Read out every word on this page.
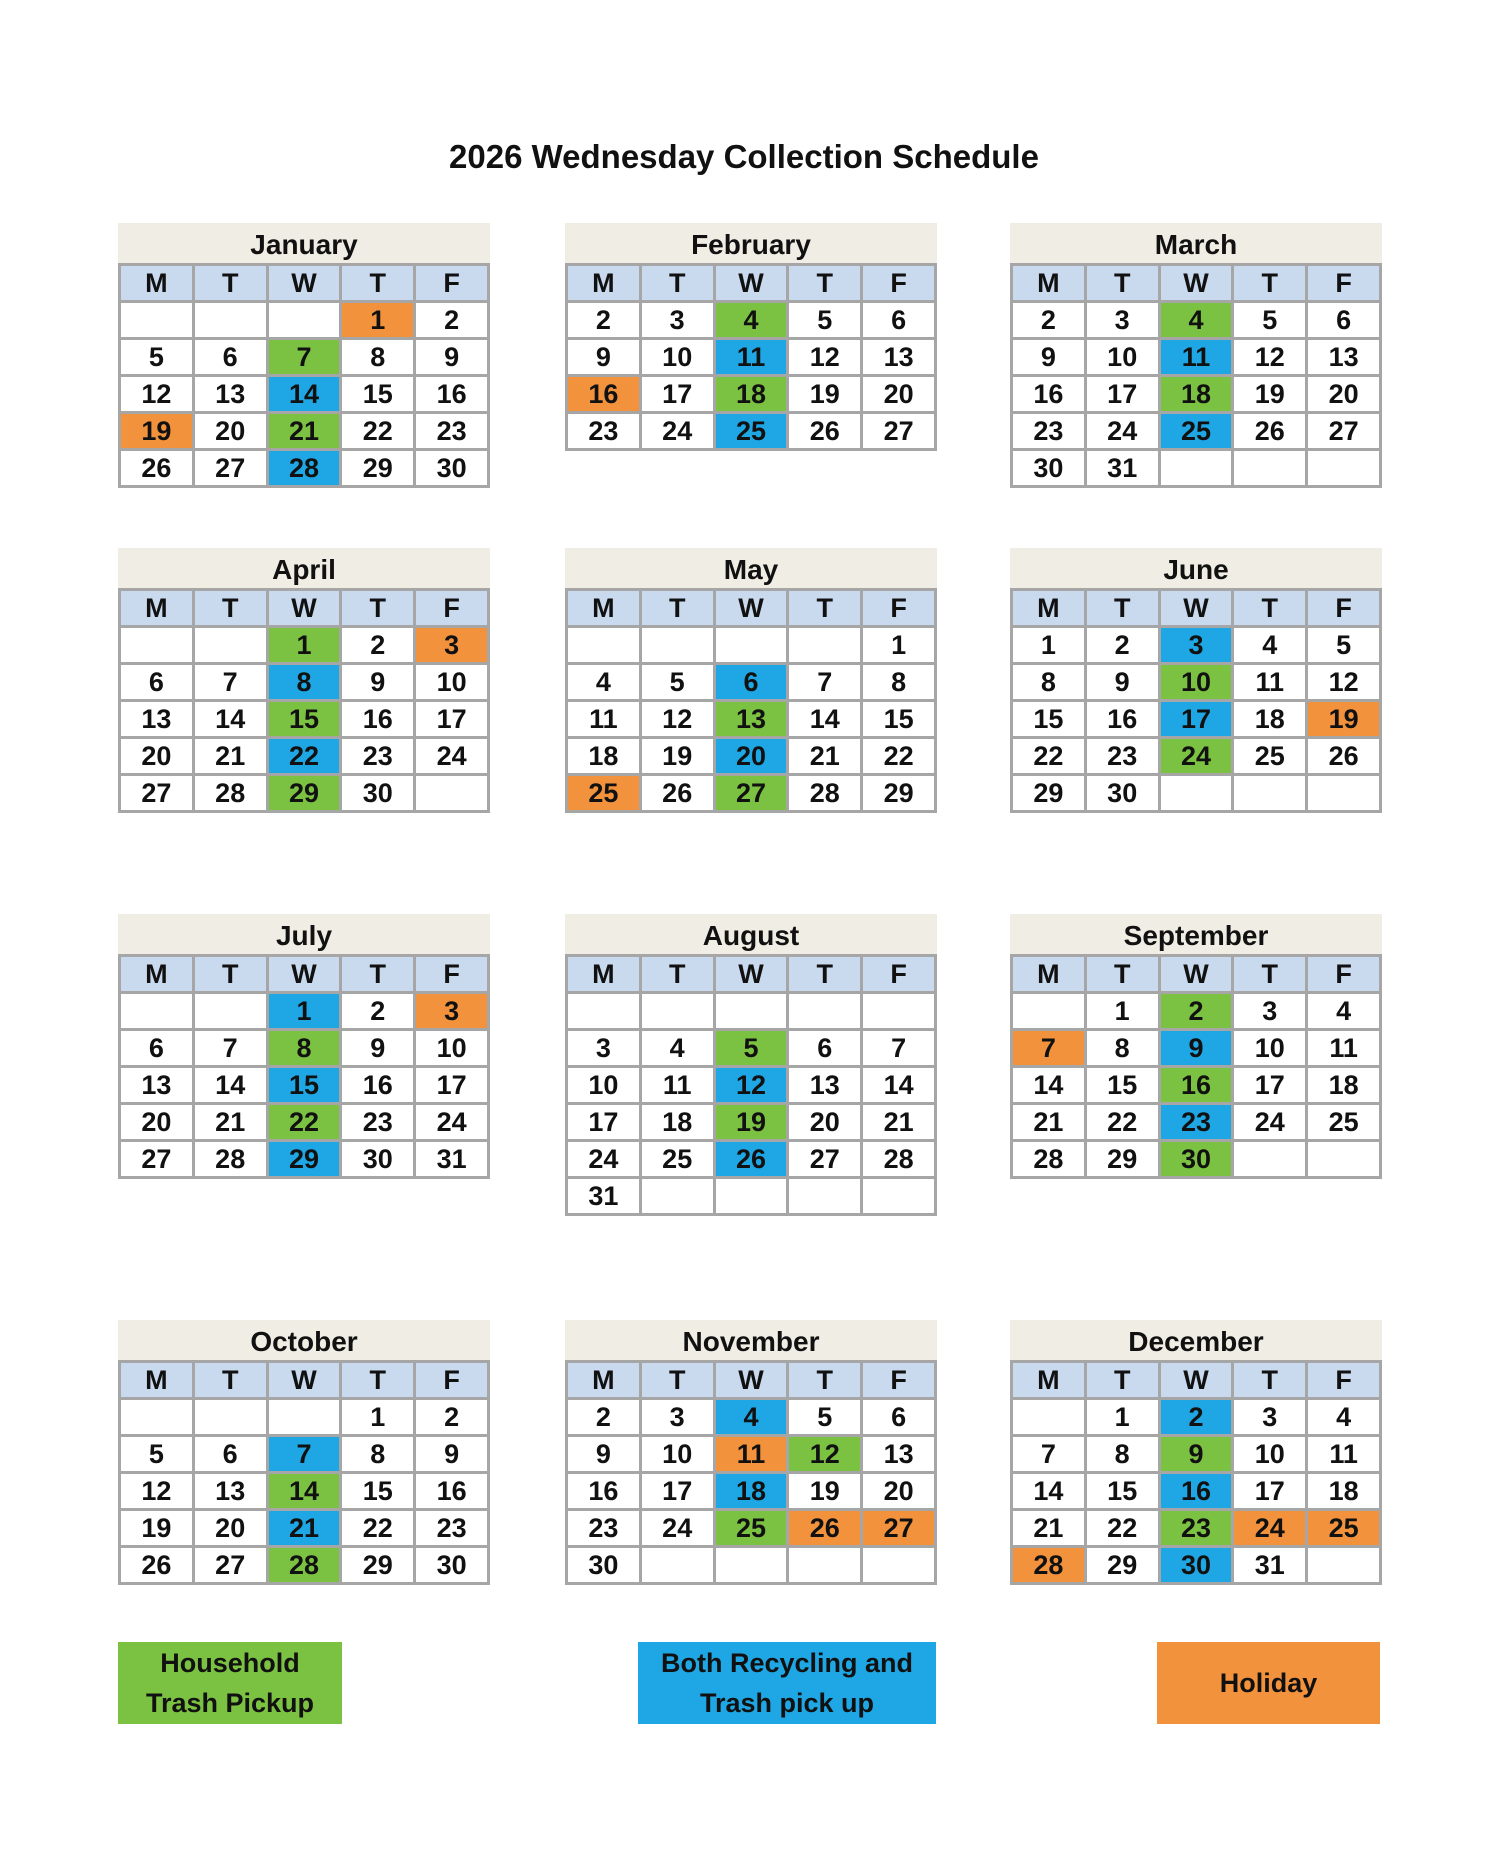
2026 Wednesday Collection Schedule
January
M	T	W	T	F
			1	2
5	6	7	8	9
12	13	14	15	16
19	20	21	22	23
26	27	28	29	30
February
M	T	W	T	F
2	3	4	5	6
9	10	11	12	13
16	17	18	19	20
23	24	25	26	27
March
M	T	W	T	F
2	3	4	5	6
9	10	11	12	13
16	17	18	19	20
23	24	25	26	27
30	31			
April
M	T	W	T	F
		1	2	3
6	7	8	9	10
13	14	15	16	17
20	21	22	23	24
27	28	29	30	
May
M	T	W	T	F
				1
4	5	6	7	8
11	12	13	14	15
18	19	20	21	22
25	26	27	28	29
June
M	T	W	T	F
1	2	3	4	5
8	9	10	11	12
15	16	17	18	19
22	23	24	25	26
29	30			
July
M	T	W	T	F
		1	2	3
6	7	8	9	10
13	14	15	16	17
20	21	22	23	24
27	28	29	30	31
August
M	T	W	T	F

3	4	5	6	7
10	11	12	13	14
17	18	19	20	21
24	25	26	27	28
31				
September
M	T	W	T	F
	1	2	3	4
7	8	9	10	11
14	15	16	17	18
21	22	23	24	25
28	29	30		
October
M	T	W	T	F
			1	2
5	6	7	8	9
12	13	14	15	16
19	20	21	22	23
26	27	28	29	30
November
M	T	W	T	F
2	3	4	5	6
9	10	11	12	13
16	17	18	19	20
23	24	25	26	27
30				
December
M	T	W	T	F
	1	2	3	4
7	8	9	10	11
14	15	16	17	18
21	22	23	24	25
28	29	30	31	
Household
Trash Pickup
Both Recycling and
Trash pick up
Holiday
